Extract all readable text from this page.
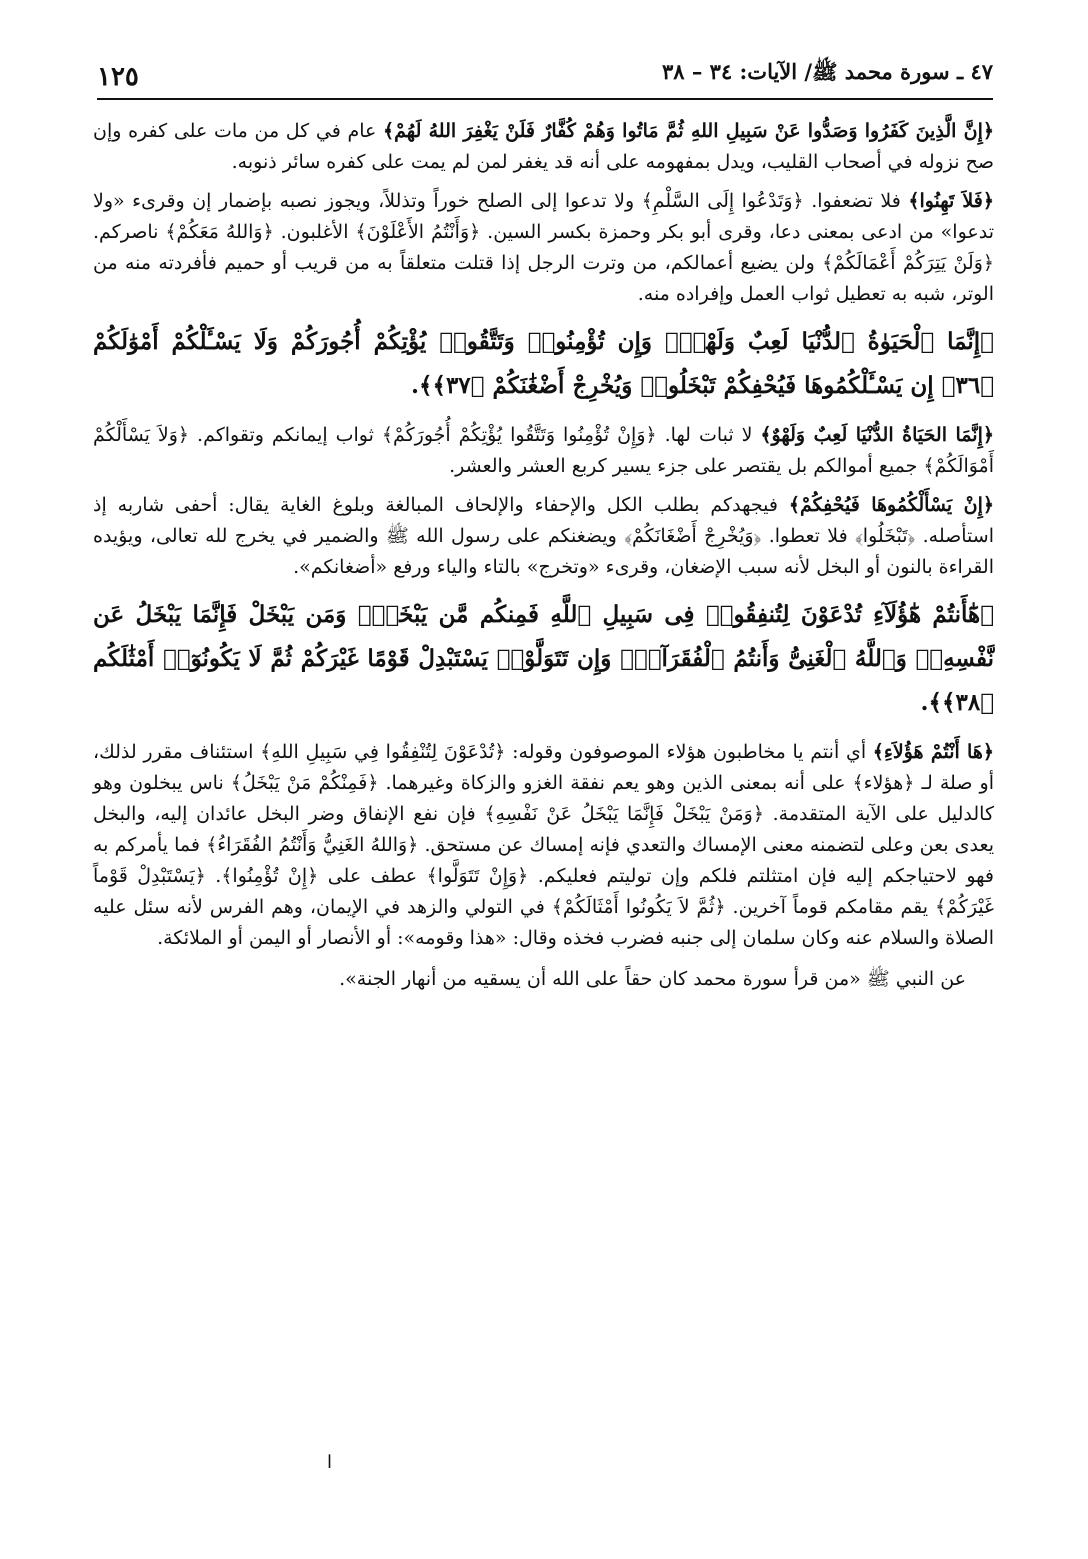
٤٧ ـ سورة محمد ﷺ/ الآيات: ٣٤ – ٣٨
١٢٥

﴿إِنَّ الَّذِينَ كَفَرُوا وَصَدُّوا عَنْ سَبِيلِ اللهِ ثُمَّ مَاتُوا وَهُمْ كُفَّارٌ فَلَنْ يَغْفِرَ اللهُ لَهُمْ﴾ عام في كل من مات على كفره وإن صح نزوله في أصحاب القليب، ويدل بمفهومه على أنه قد يغفر لمن لم يمت على كفره سائر ذنوبه.

﴿فَلاَ تَهِنُوا﴾ فلا تضعفوا. ﴿وَتَدْعُوا إِلَى السَّلْمِ﴾ ولا تدعوا إلى الصلح خوراً وتذللاً، ويجوز نصبه بإضمار إن وقرىء «ولا تدعوا» من ادعى بمعنى دعا، وقرى أبو بكر وحمزة بكسر السين. ﴿وَأَنْتُمُ الأَعْلَوْنَ﴾ الأغلبون. ﴿وَاللهُ مَعَكُمْ﴾ ناصركم. ﴿وَلَنْ يَتِرَكُمْ أَعْمَالَكُمْ﴾ ولن يضيع أعمالكم، من وترت الرجل إذا قتلت متعلقاً به من قريب أو حميم فأفردته منه من الوتر، شبه به تعطيل ثواب العمل وإفراده منه.

﴿إِنَّمَا ٱلْحَيَوٰةُ ٱلدُّنْيَا لَعِبٌ وَلَهْوٌۚ وَإِن تُؤْمِنُوا۟ وَتَتَّقُوا۟ يُؤْتِكُمْ أُجُورَكُمْ وَلَا يَسْـَٔلْكُمْ أَمْوَٰلَكُمْ ﴿٣٦﴾ إِن يَسْـَٔلْكُمُوهَا فَيُحْفِكُمْ تَبْخَلُوا۟ وَيُخْرِجْ أَضْغَٰنَكُمْ ﴿٣٧﴾﴾.

﴿إِنَّمَا الحَيَاةُ الدُّنْيَا لَعِبٌ وَلَهْوٌ﴾ لا ثبات لها. ﴿وَإِنْ تُؤْمِنُوا وَتَتَّقُوا يُؤْتِكُمْ أُجُورَكُمْ﴾ ثواب إيمانكم وتقواكم. ﴿وَلاَ يَسْأَلْكُمْ أَمْوَالَكُمْ﴾ جميع أموالكم بل يقتصر على جزء يسير كربع العشر والعشر.

﴿إِنْ يَسْأَلْكُمُوهَا فَيُحْفِكُمْ﴾ فيجهدكم بطلب الكل والإحفاء والإلحاف المبالغة وبلوغ الغاية يقال: أحفى شاربه إذ استأصله. ﴿تَبْخَلُوا﴾ فلا تعطوا. ﴿وَيُخْرِجْ أَضْغَانَكُمْ﴾ ويضغنكم على رسول الله ﷺ والضمير في يخرج لله تعالى، ويؤيده القراءة بالنون أو البخل لأنه سبب الإضغان، وقرىء «وتخرج» بالتاء والياء ورفع «أضغانكم».

﴿هَٰٓأَنتُمْ هَٰٓؤُلَآءِ تُدْعَوْنَ لِتُنفِقُوا۟ فِى سَبِيلِ ٱللَّهِ فَمِنكُم مَّن يَبْخَلُۖ وَمَن يَبْخَلْ فَإِنَّمَا يَبْخَلُ عَن نَّفْسِهِۦۚ وَٱللَّهُ ٱلْغَنِىُّ وَأَنتُمُ ٱلْفُقَرَآءُۚ وَإِن تَتَوَلَّوْا۟ يَسْتَبْدِلْ قَوْمًا غَيْرَكُمْ ثُمَّ لَا يَكُونُوٓا۟ أَمْثَٰلَكُم ﴿٣٨﴾﴾.

﴿هَا أَنْتُمْ هَؤُلاَءِ﴾ أي أنتم يا مخاطبون هؤلاء الموصوفون وقوله: ﴿تُدْعَوْنَ لِتُنْفِقُوا فِي سَبِيلِ اللهِ﴾ استئناف مقرر لذلك، أو صلة لـ ﴿هؤلاء﴾ على أنه بمعنى الذين وهو يعم نفقة الغزو والزكاة وغيرهما. ﴿فَمِنْكُمْ مَنْ يَبْخَلُ﴾ ناس يبخلون وهو كالدليل على الآية المتقدمة. ﴿وَمَنْ يَبْخَلْ فَإِنَّمَا يَبْخَلُ عَنْ نَفْسِهِ﴾ فإن نفع الإنفاق وضر البخل عائدان إليه، والبخل يعدى بعن وعلى لتضمنه معنى الإمساك والتعدي فإنه إمساك عن مستحق. ﴿وَاللهُ الغَنِيُّ وَأَنْتُمُ الفُقَرَاءُ﴾ فما يأمركم به فهو لاحتياجكم إليه فإن امتثلتم فلكم وإن توليتم فعليكم. ﴿وَإِنْ تَتَوَلَّوا﴾ عطف على ﴿إِنْ تُؤْمِنُوا﴾. ﴿يَسْتَبْدِلْ قَوْماً غَيْرَكُمْ﴾ يقم مقامكم قوماً آخرين. ﴿ثُمَّ لاَ يَكُونُوا أَمْثَالَكُمْ﴾ في التولي والزهد في الإيمان، وهم الفرس لأنه سئل عليه الصلاة والسلام عنه وكان سلمان إلى جنبه فضرب فخذه وقال: «هذا وقومه»: أو الأنصار أو اليمن أو الملائكة.

عن النبي ﷺ «من قرأ سورة محمد كان حقاً على الله أن يسقيه من أنهار الجنة».

ا
